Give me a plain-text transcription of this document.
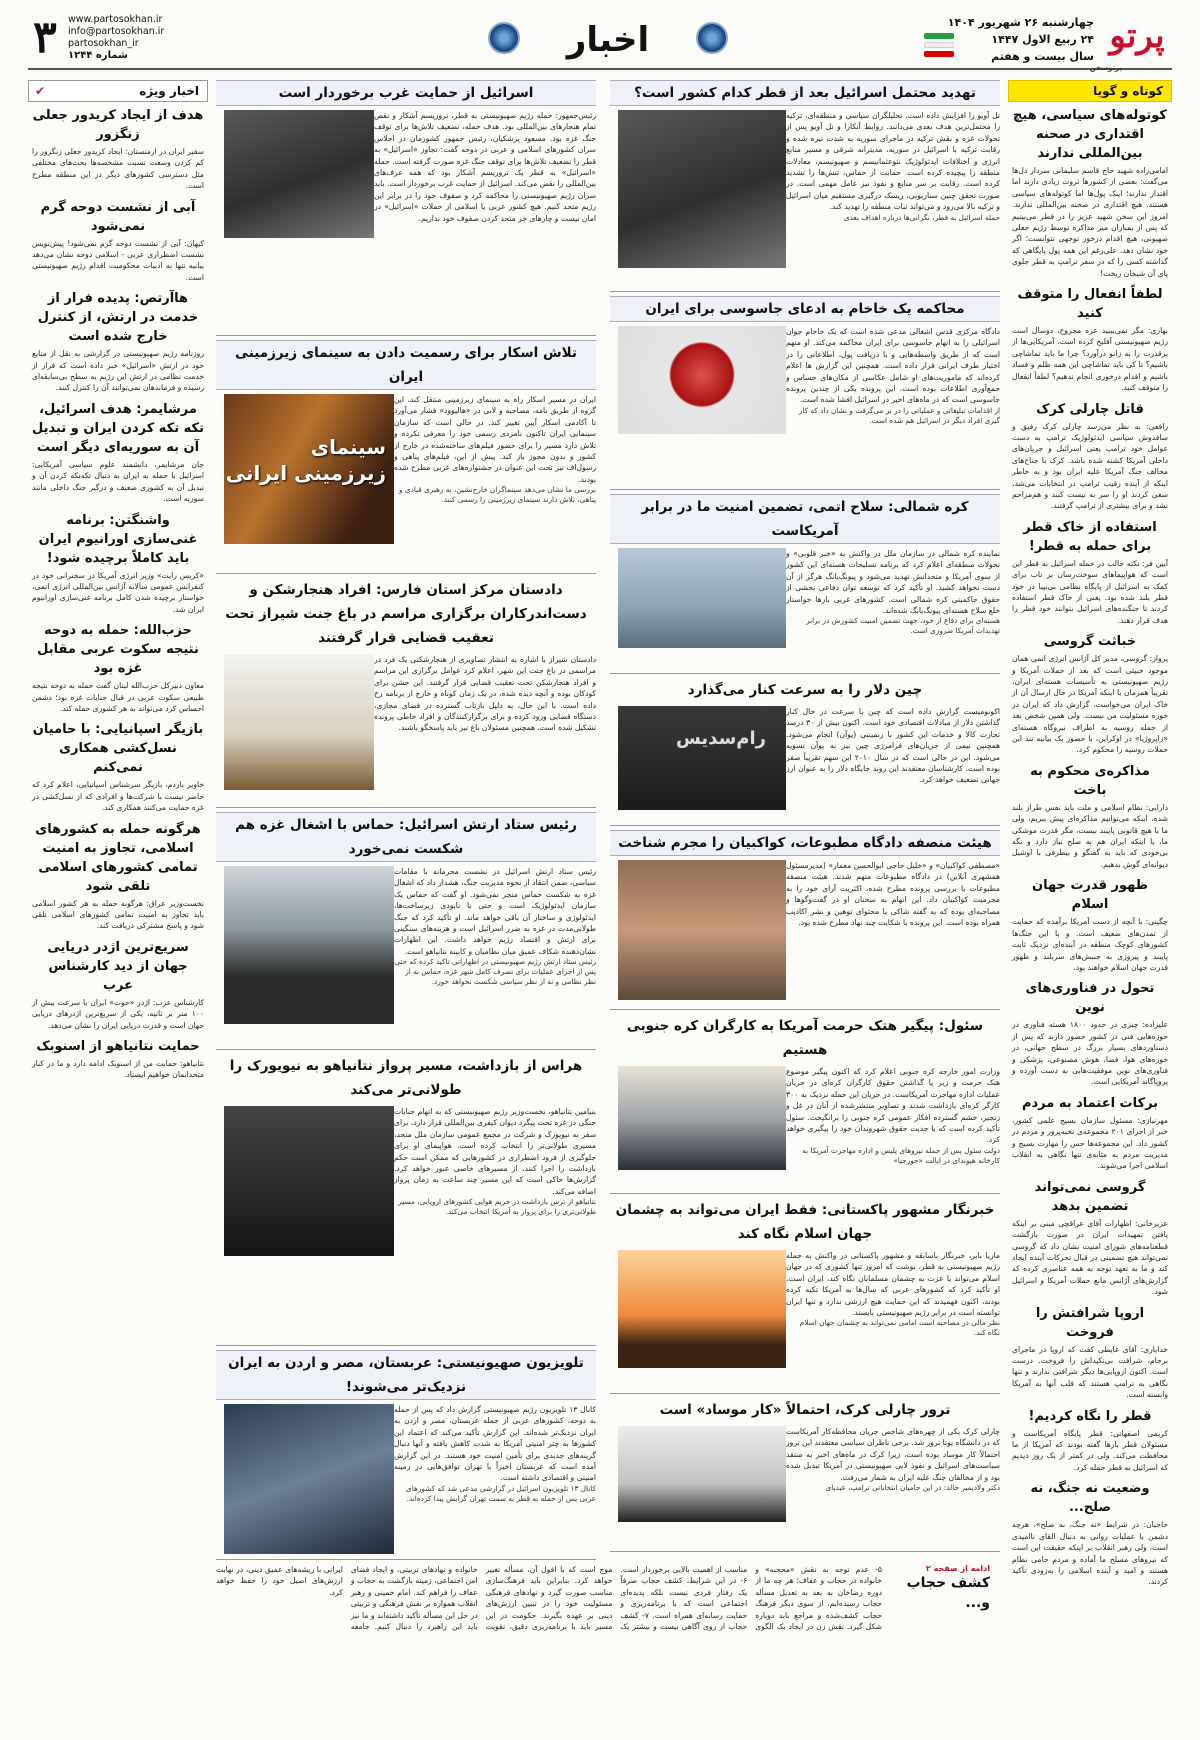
پرتو
پرتوسخن
چهارشنبه ۲۶ شهریور ۱۴۰۴
۲۴ ربیع الاول ۱۴۴۷
سال بیست و هفتم
اخبار
۳	www.partosokhan.ir
info@partosokhan.ir
partosokhan_ir
شماره ۱۲۴۴
کوتاه و گویا
کوتوله‌های سیاسی، هیچ اقتداری در صحنه بین‌المللی ندارند

امامی‌زاده شهید حاج قاسم سلیمانی سردار دل‌ها می‌گفت: بعضی از کشورها ثروت زیادی دارند اما اقتدار ندارند؛ اینک پول‌ها اما کوتوله‌های سیاسی هستند. هیچ اقتداری در صحنه بین‌المللی ندارند. امروز این سخن شهید عزیز را در قطر می‌بینیم که پس از بمباران میز مذاکره توسط رژیم جعلی صهیونی، هیچ اقدام درخور توجهی نتوانست؛ اگر خود نشان دهد، علی‌رغم این همه پول پایگاهی که گذاشته کسی را که در سفر ترامپ به قطر جلوی پای آن شیخان ریخت!

لطفاً انفعال را متوقف کنید

بهاری: مگر نمی‌بینید عزه مجروح، دوسال است رژیم صهیونیستی آفلیح کرده است. آمریکایی‌ها از برقدرت را به زانو درآورد؟ چرا ما باید تماشاچی باشیم؟ تا کی باید تماشاچی این همه ظلم و فساد باشیم و اقدام درخوری انجام ندهیم؟ لطفاً انفعال را متوقف کنید.

قاتل چارلی کرک

رافعی: به نظر می‌رسد چارلی کرک رفیق و ساقدوش سیاسی ایدئولوژیک ترامپ به دست عوامل خود ترامپ یعنی اسرائیل و جریان‌های داخلی آمریکا کشته شده باشد. کرک با جناح‌های مخالف جنگ آمریکا علیه ایران بود و به خاطر اینکه از آینده رقیب ترامپ در انتخابات می‌شد، سعی کردند او را سر به نیست کنند و هم‌مزاحم نشد و برای بیشتری از ترامپ گرفتند.

استفاده از خاک قطر برای حمله به قطر!

آیین فر: نکته جالب در حمله اسرائیل به قطر این است که هواپیماهای سوخت‌رسان بر تاب برای کمک به اسرائیل از پایگاه نظامی بی‌تپیا در خود قطر بلند شده بود. یعنی از خاک قطر استفاده کردند تا جنگنده‌های اسرائیل بتوانند خود قطر را هدف قرار دهند.

خباثت گروسی

پرواز: گروسی، مدیر کل آژانس انرژی اتمی همان موجود خبیثی است که بعد از حملات آمریکا و رژیم صهیونیستی به تأسیسات هسته‌ای ایران، تقریباً همزمان با اینکه آمریکا در حال ارسال آن از خاک ایران می‌خواست، گزارش داد که ایران در حوزه مسئولیت من نیست. ولی همین شخص بعد از حمله روسیه به اطراف نیروگاه هسته‌ای «زاپروژیا» در اوکراین، با حضور یک بیانیه تند این حملات روسیه را محکوم کرد.

مذاکره‌ی محکوم به باخت

ذارایی: نظام اسلامی و ملت باید نفس طراز بلند شده، اینکه می‌توانیم مذاکره‌ای پیش ببریم، ولی ما با هیچ قانونی پایبند نیست، مگر قدرت موشکی ما، یا اینکه ایران هم به صلح نیاز دارد و نگه بی‌خودی که باید به گفتگو و بیطرفی با اوشیل دیوانه‌ای گوش بدهیم.

ظهور قدرت جهان اسلام

چگینی: با آنچه از دست آمریکا برآمده که حمایت از تمدن‌های ضعیف است. و با این جنگ‌ها کشورهای کوچک منطقه در آینده‌ای نزدیک ثابت پایبند و پیروزی به جنبش‌های سربلند و ظهور قدرت جهان اسلام خواهند بود.

تحول در فناوری‌های نوین

علیزاده: چیزی در حدود ۱۸۰۰ هسته فناوری در حوزه‌هایی فنی در کشور حضور دارند که پس از دستاوردهای بسیار بزرگ در سطح جهانی، در حوزه‌های هوا، فضا، هوش مصنوعی، پزشکی و فناوری‌های نوین موفقیت‌هایی به دست آورده و پروپاگاند آمریکایی است.

برکات اعتماد به مردم

مهرنیازی: مسئول سازمان بسیج علمی کشور، خبر از اجرای ۲۰۱ مجموعه‌ی نخبه‌پرور و مردم در کشور داد. این مجموعه‌ها حس را مهارت بسیج و مدیریت مردم به مثابه‌ی تنها نگاهی به انقلاب اسلامی اجرا می‌شوند.

گروسی نمی‌تواند تضمین بدهد

عزیزخانی: اظهارات آقای عراقچی مبنی بر اینکه یافتن تمهیدات ایران در صورت بازگشت قطعنامه‌های شورای امنیت نشان داد که گروسی نمی‌تواند هیچ تضمینی در قبال تحرکات آینده ایجاد کند و ما به تعهد توجه به همه عناصری کرده که گزارش‌های آژانس مانع حملات آمریکا و اسرائیل شود.

اروپا شرافتش را فروخت

خدایاری: آقای غایطی کفت که اروپا در ماجرای برجام، شرافت بی‌نکیداش را فروخت. درست است. اکنون اروپایی‌ها دیگر شرافتی ندارند و تنها نگاهی به ترامپ هستند که قلب آنها به آمریکا وابسته است.

قطر را نگاه کردیم!

کریمی اصفهانی: قطر پایگاه آمریکاست و مسئولان قطر بارها گفته بودند که آمریکا از ما محافظت می‌کند. ولی در کمتر از یک روز دیدیم که اسرائیل به قطر حمله کرد.

وضعیت نه جنگ، نه صلح...

حاجیان: در شرایط «نه جنگ، نه صلح»، هرچه دشمن با عملیات روانی به دنبال القای ناامیدی است، ولی رهبر انقلاب بر اینکه حقیقت این است که نیروهای مسلح ما آماده و مردم حامی نظام هستند و امید و آینده اسلامی را به‌زودی تأکید کردند.

تهدید محتمل اسرائیل بعد از قطر کدام کشور است؟
تل آویو را افزایش داده است. تحلیلگران سیاسی و منطقه‌ای، ترکیه را محتمل‌ترین هدف بعدی می‌دانند. روابط آنکارا و تل آویو پس از تحولات غزه و نقش ترکیه در ماجرای سوریه به شدت تیره شده و رقابت ترکیه با اسرائیل در سوریه، مدیترانه شرقی و مسیر منابع انرژی و اختلافات ایدئولوژیک نئوعثمانیسم و صهیونیسم، معادلات منطقه را پیچیده کرده است. حمایت از حماس، تنش‌ها را تشدید کرده است. رقابت بر سر منابع و نفوذ نیز عامل مهمی است. در صورت تحقق چنین سناریویی، ریسک درگیری مستقیم میان اسرائیل و ترکیه بالا می‌رود و می‌تواند ثبات منطقه را تهدید کند.
حمله اسرائیل به قطر، نگرانی‌ها درباره اهداف بعدی
محاکمه یک خاخام به ادعای جاسوسی برای ایران
دادگاه مرکزی قدس اشغالی مدعی شده است که یک خاخام جوان اسرائیلی را به اتهام جاسوسی برای ایران محاکمه می‌کند. او متهم است که از طریق واسطه‌هایی و با دریافت پول، اطلاعاتی را در اختیار طرف ایرانی قرار داده است. همچنین این گزارش ها اعلام کرده‌اند که ماموریت‌های او شامل عکاسی از مکان‌های حساس و جمع‌آوری اطلاعات بوده است. این پرونده یکی از چندین پرونده جاسوسی است که در ماه‌های اخیر در اسرائیل افشا شده است.
از اقدامات تبلیغاتی و عملیاتی را در بر می‌گرفت و نشان داد که کار گیری افراد دیگر در اسرائیل هم شده است.
کره شمالی: سلاح اتمی، تضمین امنیت ما در برابر آمریکاست
نماینده کره شمالی در سازمان ملل در واکنش به «خبر قلوبی» و تحولات منطقه‌ای اعلام کرد که برنامه تسلیحات هسته‌ای این کشور از سوی آمریکا و متحدانش تهدید می‌شود و پیونگ‌یانگ هرگز از آن دست نخواهد کشید. او تأکید کرد که توسعه توان دفاعی بخشی از حقوق حاکمیتی کره شمالی است. کشورهای غربی بارها خواستار خلع سلاح هسته‌ای پیونگ‌یانگ شده‌اند.
هسته‌ای برای دفاع از خود، جهت تضمین امنیت کشورش در برابر تهدیدات آمریکا ضروری است.
چین دلار را به سرعت کنار می‌گذارد
رام‌سدیس
اکونومیست گزارش داده است که چین با سرعت در حال کنار گذاشتن دلار از مبادلات اقتصادی خود است. اکنون بیش از ۳۰ درصد تجارت کالا و خدمات این کشور با رنمینبی (یوآن) انجام می‌شود. همچنین نیمی از جریان‌های فرامرزی چین نیز به یوآن تسویه می‌شود. این در حالی است که در سال ۲۰۱۰ این سهم تقریباً صفر بوده است. کارشناسان معتقدند این روند جایگاه دلار را به عنوان ارز جهانی تضعیف خواهد کرد.
هیئت منصفه دادگاه مطبوعات، کواکبیان را مجرم شناخت
«مصطفی کواکبیان» و «خلیل حاجی ابوالحسن معمار» (مدیرمسئول همشهری آنلاین) در دادگاه مطبوعات متهم شدند. هیئت منصفه مطبوعات با بررسی پرونده مطرح شده، اکثریت آرای خود را به مجرمیت کواکبیان داد. این اتهام به سخنان او در گفت‌وگوها و مصاحبه‌ای بوده که به گفته شاکی با محتوای توهین و نشر اکاذیب همراه بوده است. این پرونده با شکایت چند نهاد مطرح شده بود.
سئول: پیگیر هتک حرمت آمریکا به کارگران کره جنوبی هستیم
وزارت امور خارجه کره جنوبی اعلام کرد که اکنون پیگیر موضوع هتک حرمت و زیر پا گذاشتن حقوق کارگران کره‌ای در جریان عملیات اداره مهاجرت آمریکاست. در جریان این حمله نزدیک به ۳۰۰ کارگر کره‌ای بازداشت شدند و تصاویر منتشرشده از آنان در غل و زنجیر، خشم گسترده افکار عمومی کره جنوبی را برانگیخت. سئول تأکید کرده است که با جدیت حقوق شهروندان خود را پیگیری خواهد کرد.
دولت سئول پس از حمله نیروهای پلیس و اداره مهاجرت آمریکا به کارخانه هیوندای در ایالت «جورجیا»
خبرنگار مشهور پاکستانی: فقط ایران می‌تواند به چشمان جهان اسلام نگاه کند
ماریا بایر، خبرنگار باسابقه و مشهور پاکستانی در واکنش به حمله رژیم صهیونیستی به قطر، نوشت که امروز تنها کشوری که در جهان اسلام می‌تواند با عزت به چشمان مسلمانان نگاه کند، ایران است. او تأکید کرد که کشورهای عربی که سال‌ها به آمریکا تکیه کرده بودند، اکنون فهمیدند که این حمایت هیچ ارزشی ندارد و تنها ایران توانسته است در برابر رژیم صهیونیستی بایستد.
نظر مالی در مصاحبه است امامی نمی‌تواند به چشمان جهان اسلام نگاه کند.
ترور چارلی کرک، احتمالاً «کار موساد» است
چارلی کرک یکی از چهره‌های شاخص جریان محافظه‌کار آمریکاست که در دانشگاه یوتا ترور شد. برخی ناظران سیاسی معتقدند این ترور احتمالاً کار موساد بوده است، زیرا کرک در ماه‌های اخیر به منتقد سیاست‌های اسرائیل و نفوذ لابی صهیونیستی در آمریکا تبدیل شده بود و از مخالفان جنگ علیه ایران به شمار می‌رفت.
دکتر ولادیمیر خالد: در این حامیان انتخاباتی ترامپ، عبدیای
اسرائیل از حمایت غرب برخوردار است
رئیس‌جمهور: حمله رژیم صهیونیستی به قطر، تروریسم آشکار و نقض تمام هنجارهای بین‌المللی بود. هدف حمله، تضعیف تلاش‌ها برای توقف جنگ غزه بود. مسعود پزشکیان، رئیس جمهور کشورمان در اجلاس سران کشورهای اسلامی و عربی در دوحه گفت: تجاوز «اسرائیل» به قطر را تضعیف تلاش‌ها برای توقف جنگ غزه صورت گرفته است. حمله «اسرائیل» به قطر یک تروریسم آشکار بود که همه عرف‌های بین‌المللی را نقض می‌کند. اسرائیل از حمایت غرب برخوردار است. باید سران رژیم صهیونیستی را محاکمه کرد و صفوف خود را در برابر این رژیم متحد کنیم. هیچ کشور عربی یا اسلامی از حملات «اسرائیل» در امان نیست و چارهای جز متحد کردن صفوف خود نداریم.
تلاش اسکار برای رسمیت دادن به سینمای زیرزمینی ایران
سینمای زیرزمینی ایرانی
ایران در مسیر اسکار راه به سینمای زیرزمینی منتقل کند. این گروه از طریق نامه، مصاحبه و لابی در «هالیوود» فشار می‌آورد تا آکادمی اسکار آیین تغییر کند. در حالی است که سازمان سینمایی ایران تاکنون نامزدی رسمی خود را معرفی نکرده و تلاش دارد مسیر را برای حضور فیلم‌های ساخته‌شده در خارج از کشور و بدون مجوز باز کند. پیش از این، فیلم‌های پناهی و رسول‌اف نیز تحت این عنوان در جشنواره‌های غربی مطرح شده بودند.
بررسی ما نشان می‌دهد سینماگران خارج‌نشین، به رهبری قبادی و پناهی، تلاش دارند سینمای زیرزمینی را رسمی کنند.
دادستان مرکز استان فارس: افراد هنجارشکن و دست‌اندرکاران برگزاری مراسم در باغ جنت شیراز تحت تعقیب قضایی قرار گرفتند
دادستان شیراز با اشاره به انتشار تصاویری از هنجارشکنی یک فرد در مراسمی در باغ جنت این شهر، اعلام کرد عوامل برگزاری این مراسم و افراد هنجارشکن تحت تعقیب قضایی قرار گرفتند. این جشن برای کودکان بوده و آنچه دیده شده، در یک زمان کوتاه و خارج از برنامه رخ داده است. با این حال، به دلیل بازتاب گسترده در فضای مجازی، دستگاه قضایی ورود کرده و برای برگزارکنندگان و افراد خاطی پرونده تشکیل شده است. همچنین مسئولان باغ نیز باید پاسخگو باشند.
رئیس ستاد ارتش اسرائیل: حماس با اشغال غزه هم شکست نمی‌خورد
رئیس ستاد ارتش اسرائیل در نشست محرمانه با مقامات سیاسی، ضمن انتقاد از نحوه مدیریت جنگ، هشدار داد که اشغال غزه به شکست حماس منجر نمی‌شود. او گفت که حماس یک سازمان ایدئولوژیک است و حتی با نابودی زیرساخت‌ها، ایدئولوژی و ساختار آن باقی خواهد ماند. او تأکید کرد که جنگ طولانی‌مدت در غزه به ضرر اسرائیل است و هزینه‌های سنگینی برای ارتش و اقتصاد رژیم خواهد داشت. این اظهارات نشان‌دهنده شکاف عمیق میان نظامیان و کابینه نتانیاهو است.
رئیس ستاد ارتش رژیم صهیونیستی در اظهاراتی تاکید کرده که حتی پس از اجرای عملیات برای تصرف کامل شهر غزه، حماس نه از نظر نظامی و نه از نظر سیاسی شکست نخواهد خورد.
هراس از بازداشت، مسیر پرواز نتانیاهو به نیویورک را طولانی‌تر می‌کند
بنیامین نتانیاهو، نخست‌وزیر رژیم صهیونیستی که به اتهام جنایات جنگی در غزه تحت پیگرد دیوان کیفری بین‌المللی قرار دارد، برای سفر به نیویورک و شرکت در مجمع عمومی سازمان ملل متحد، مسیری طولانی‌تر را انتخاب کرده است. هواپیمای او برای جلوگیری از فرود اضطراری در کشورهایی که ممکن است حکم بازداشت را اجرا کنند، از مسیرهای خاصی عبور خواهد کرد. گزارش‌ها حاکی است که این مسیر چند ساعت به زمان پرواز اضافه می‌کند.
نتانیاهو از ترس بازداشت در حریم هوایی کشورهای اروپایی، مسیر طولانی‌تری را برای پرواز به آمریکا انتخاب می‌کند.
تلویزیون صهیونیستی: عربستان، مصر و اردن به ایران نزدیک‌تر می‌شوند!
کانال ۱۳ تلویزیون رژیم صهیونیستی گزارش داد که پس از حمله به دوحه، کشورهای عربی از جمله عربستان، مصر و اردن به ایران نزدیک‌تر شده‌اند. این گزارش تأکید می‌کند که اعتماد این کشورها به چتر امنیتی آمریکا به شدت کاهش یافته و آنها دنبال گزینه‌های جدیدی برای تأمین امنیت خود هستند. در این گزارش آمده است که عربستان اخیراً با تهران توافق‌هایی در زمینه امنیتی و اقتصادی داشته است.
کانال ۱۳ تلویزیون اسرائیل در گزارشی مدعی شد که کشورهای عربی پس از حمله به قطر به سمت تهران گرایش پیدا کرده‌اند.
ادامه از صفحه ۲
کشف حجاب و...
۵- عدم توجه به نقش «محجبه» و خانواده در حجاب و عفاف؛ هر چه ما از دوره رضاخان به بعد به تعدیل مسأله حجاب رسیده‌ایم، از سوی دیگر فرهنگ حجاب کشف‌شده و مراجع باید دوباره شکل گیرد. نقش زن در ایجاد یک الگوی مناسب از اهمیت بالایی برخوردار است. ۶- در این شرایط، کشف حجاب صرفاً یک رفتار فردی نیست بلکه پدیده‌ای اجتماعی است که با برنامه‌ریزی و حمایت رسانه‌ای همراه است. ۷- کشف حجاب از روی آگاهی نیست و بیشتر یک موج است که با افول آن، مسأله تغییر خواهد کرد. بنابراین باید فرهنگ‌سازی مناسب صورت گیرد و نهادهای فرهنگی مسئولیت خود را در تبیین ارزش‌های دینی بر عهده بگیرند. حکومت در این مسیر باید با برنامه‌ریزی دقیق، تقویت خانواده و نهادهای تربیتی، و ایجاد فضای امن اجتماعی، زمینه بازگشت به حجاب و عفاف را فراهم کند. امام خمینی و رهبر انقلاب همواره بر نقش فرهنگی و تربیتی در حل این مسأله تأکید داشته‌اند و ما نیز باید این راهبرد را دنبال کنیم. جامعه ایرانی با ریشه‌های عمیق دینی، در نهایت ارزش‌های اصیل خود را حفظ خواهد کرد.
اخبار ویژه
✔
هدف از ایجاد کریدور جعلی زنگزور

سفیر ایران در ارمنستان: ایجاد کریدور جعلی زنگزور را کم کردن وسعت نسبت مشخصه‌ها بحث‌های مختلفی مثل دسترسی کشورهای دیگر در این منطقه مطرح است.

آبی از نشست دوحه گرم نمی‌شود

کیهان: آبی از نشست دوحه گرم نمی‌شود! پیش‌نویس نشست اضطراری عربی - اسلامی دوحه نشان می‌دهد بیانیه تنها به ادبیات محکومیت اقدام رژیم صهیونیستی است.

هاآرتص: پدیده فرار از خدمت در ارتش، از کنترل خارج شده است

روزنامه رژیم صهیونیستی در گزارشی به نقل از منابع خود در ارتش «اسرائیل» خبر داده است که فرار از خدمت نظامی در ارتش این رژیم به سطح بی‌سابقه‌ای رسیده و فرماندهان نمی‌توانند آن را کنترل کنند.

مرشایمر: هدف اسرائیل، تکه تکه کردن ایران و تبدیل آن به سوریه‌ای دیگر است

جان مرشایمر، دانشمند علوم سیاسی آمریکایی: اسرائیل با حمله به ایران به دنبال تکه‌تکه کردن آن و تبدیل آن به کشوری ضعیف و درگیر جنگ داخلی مانند سوریه است.

واشنگتن: برنامه غنی‌سازی اورانیوم ایران باید کاملاً برچیده شود!

«کریس رایت» وزیر انرژی آمریکا در سخنرانی خود در کنفرانس عمومی سالانه آژانس بین‌المللی انرژی اتمی، خواستار برچیده شدن کامل برنامه غنی‌سازی اورانیوم ایران شد.

حزب‌الله: حمله به دوحه نتیجه سکوت عربی مقابل غزه بود

معاون دبیرکل حزب‌الله لبنان گفت حمله به دوحه نتیجه طبیعی سکوت عربی در قبال جنایات غزه بود؛ دشمن احساس کرد می‌تواند به هر کشوری حمله کند.

بازیگر اسپانیایی: با حامیان نسل‌کشی همکاری نمی‌کنم

خاویر باردم، بازیگر سرشناس اسپانیایی، اعلام کرد که حاضر نیست با شرکت‌ها و افرادی که از نسل‌کشی در غزه حمایت می‌کنند همکاری کند.

هرگونه حمله به کشورهای اسلامی، تجاوز به امنیت تمامی کشورهای اسلامی تلقی شود

نخست‌وزیر عراق: هرگونه حمله به هر کشور اسلامی باید تجاوز به امنیت تمامی کشورهای اسلامی تلقی شود و پاسخ مشترکی دریافت کند.

سریع‌ترین اژدر دریایی جهان از دید کارشناس عرب

کارشناس عرب: اژدر «حوت» ایران با سرعت بیش از ۱۰۰ متر بر ثانیه، یکی از سریع‌ترین اژدرهای دریایی جهان است و قدرت دریایی ایران را نشان می‌دهد.

حمایت نتانیاهو از اسنوبک

نتانیاهو: حمایت من از اسنوبک ادامه دارد و ما در کنار متحدانمان خواهیم ایستاد.
